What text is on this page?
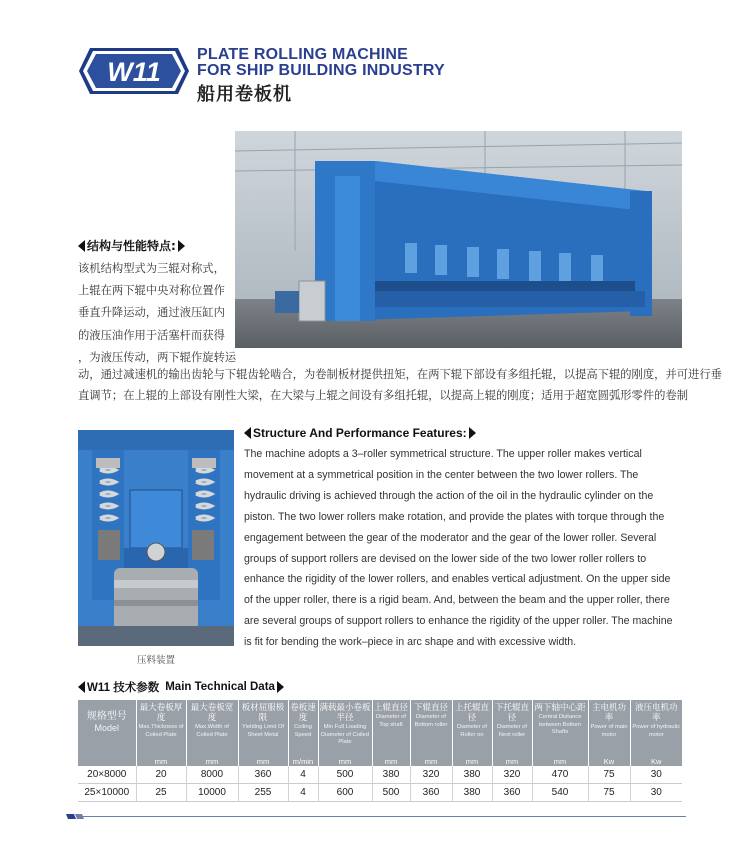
W11
PLATE ROLLING MACHINE
FOR SHIP BUILDING INDUSTRY
船用卷板机
结构与性能特点:
该机结构型式为三辊对称式，
上辊在两下辊中央对称位置作
垂直升降运动，通过液压缸内
的液压油作用于活塞杆而获得
，为液压传动，两下辊作旋转运
动，通过减速机的输出齿轮与下辊齿轮啮合，为卷制板材提供扭矩，在两下辊下部设有多组托辊，以提高下辊的刚度，并可进行垂
直调节；在上辊的上部设有刚性大梁，在大梁与上辊之间设有多组托辊，以提高上辊的刚度；适用于超宽圆弧形零件的卷制
压料装置
Structure And Performance Features:
The machine adopts a 3–roller symmetrical structure. The upper roller makes vertical
movement at a symmetrical position in the center between the two lower rollers. The
hydraulic driving is achieved through the action of the oil in the hydraulic cylinder on the
piston. The two lower rollers make rotation, and provide the plates with torque through the
engagement between the gear of the moderator and the gear of the lower roller. Several
groups of support rollers are devised on the lower side of the two lower roller rollers to
enhance the rigidity of the lower rollers, and enables vertical adjustment. On the upper side
of the upper roller, there is a rigid beam. And, between the beam and the upper roller, there
are several groups of support rollers to enhance the rigidity of the upper roller. The machine
is fit for bending the work–piece in arc shape and with excessive width.
W11 技术参数 Main Technical Data
规格型号
Model	最大卷板厚度
Max.Thickness of Coiled Plate	最大卷板宽度
Max.Width of Coiled Plate	板材屈服极限
Yielding Limit Of Sheet Metal	卷板速度
Coiling Speed	满载最小卷板半径
Min Full Loading Diameter of Coiled Plate	上辊直径
Diameter of Top shaft	下辊直径
Diameter of Bottom roller	上托辊直径
Diameter of Roller on	下托辊直径
Diameter of Next roller	两下轴中心距
Central Distance between Bottom Shafts	主电机功率
Power of main motor	液压电机功率
Power of hydraulic motor

	mm	mm	mm	m/min	mm	mm	mm	mm	mm	mm	Kw	Kw
20×8000	20	8000	360	4	500	380	320	380	320	470	75	30
25×10000	25	10000	255	4	600	500	360	380	360	540	75	30
